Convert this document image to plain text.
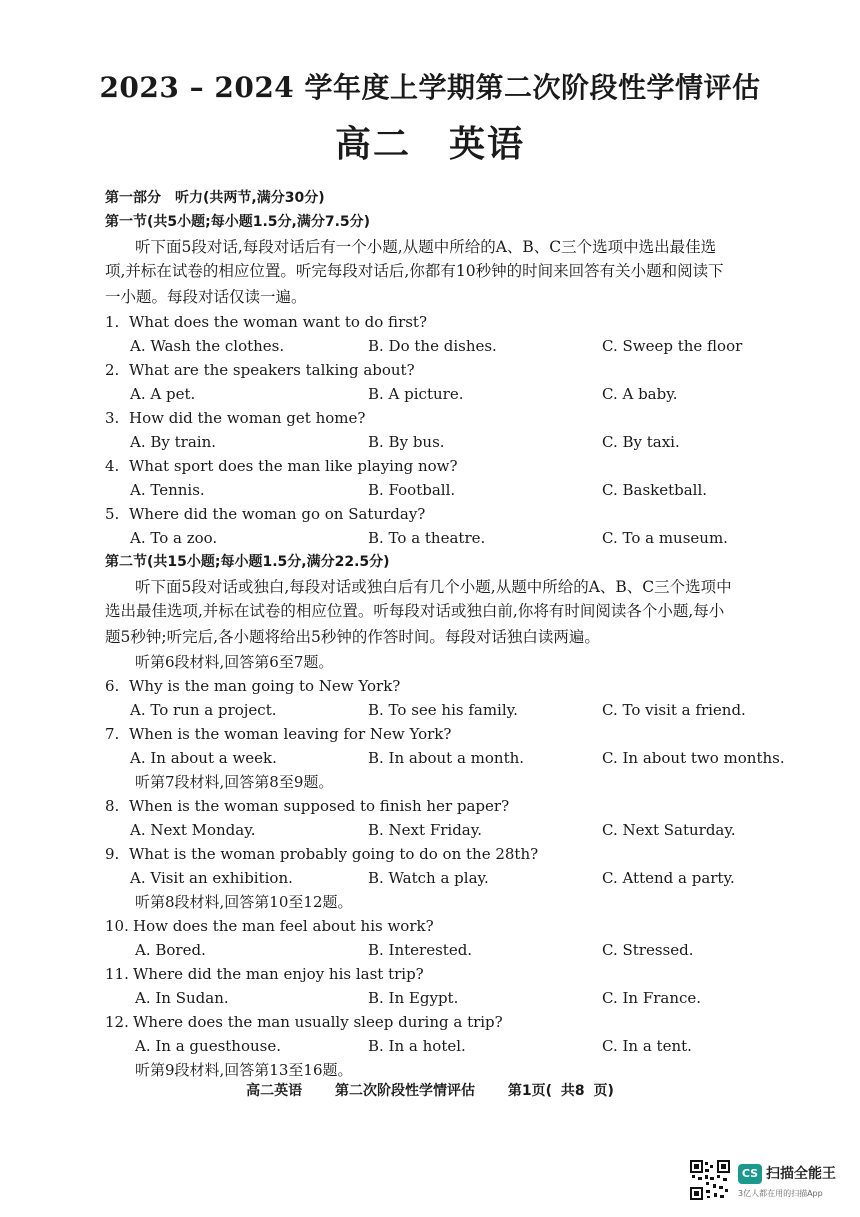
2023 – 2024 学年度上学期第二次阶段性学情评估
高二　英语
第一部分　听力(共两节,满分30分)
第一节(共5小题;每小题1.5分,满分7.5分)
听下面5段对话,每段对话后有一个小题,从题中所给的A、B、C三个选项中选出最佳选
项,并标在试卷的相应位置。听完每段对话后,你都有10秒钟的时间来回答有关小题和阅读下
一小题。每段对话仅读一遍。
1. What does the woman want to do first?
A. Wash the clothes.	B. Do the dishes.	C. Sweep the floor
2. What are the speakers talking about?
A. A pet.	B. A picture.	C. A baby.
3. How did the woman get home?
A. By train.	B. By bus.	C. By taxi.
4. What sport does the man like playing now?
A. Tennis.	B. Football.	C. Basketball.
5. Where did the woman go on Saturday?
A. To a zoo.	B. To a theatre.	C. To a museum.
第二节(共15小题;每小题1.5分,满分22.5分)
听下面5段对话或独白,每段对话或独白后有几个小题,从题中所给的A、B、C三个选项中
选出最佳选项,并标在试卷的相应位置。听每段对话或独白前,你将有时间阅读各个小题,每小
题5秒钟;听完后,各小题将给出5秒钟的作答时间。每段对话独白读两遍。
听第6段材料,回答第6至7题。
6. Why is the man going to New York?
A. To run a project.	B. To see his family.	C. To visit a friend.
7. When is the woman leaving for New York?
A. In about a week.	B. In about a month.	C. In about two months.
听第7段材料,回答第8至9题。
8. When is the woman supposed to finish her paper?
A. Next Monday.	B. Next Friday.	C. Next Saturday.
9. What is the woman probably going to do on the 28th?
A. Visit an exhibition.	B. Watch a play.	C. Attend a party.
听第8段材料,回答第10至12题。
10. How does the man feel about his work?
A. Bored.	B. Interested.	C. Stressed.
11. Where did the man enjoy his last trip?
A. In Sudan.	B. In Egypt.	C. In France.
12. Where does the man usually sleep during a trip?
A. In a guesthouse.	B. In a hotel.	C. In a tent.
听第9段材料,回答第13至16题。
高二英语 第二次阶段性学情评估 第1页( 共8 页)
CS 扫描全能王
3亿人都在用的扫描App
